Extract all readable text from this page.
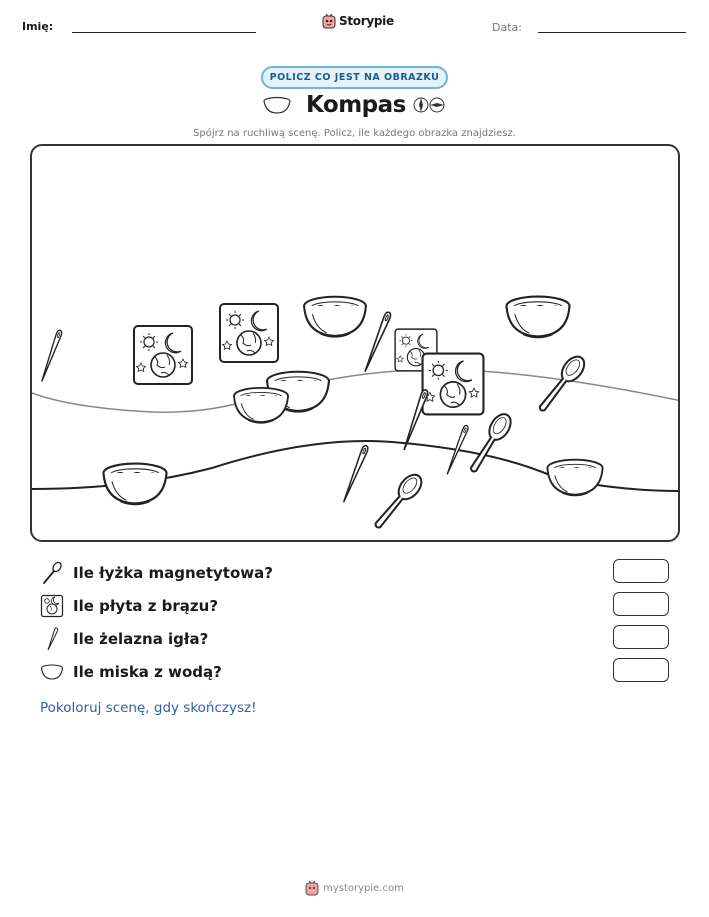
Imię:	Storypie	Data:
POLICZ CO JEST NA OBRAZKU
Kompas
Spójrz na ruchliwą scenę. Policz, ile każdego obrazka znajdziesz.
Ile łyżka magnetytowa?
Ile płyta z brązu?
Ile żelazna igła?
Ile miska z wodą?
Pokoloruj scenę, gdy skończysz!
mystorypie.com
